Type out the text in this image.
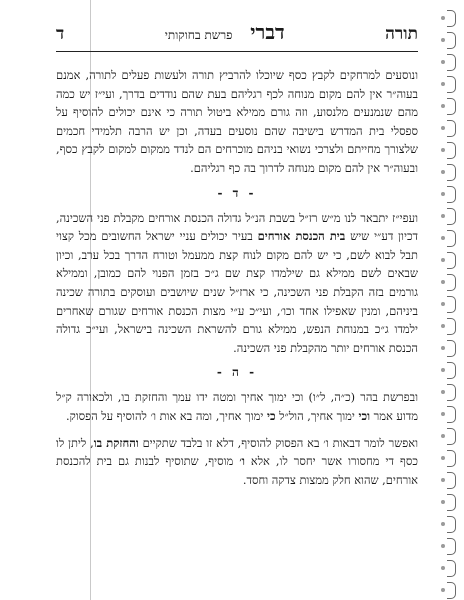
תורה
דברי    פרשת בחוקותי
ד

ונוסעים למרחקים לקבץ כסף שיוכלו להרביץ תורה ולעשות פעלים לתורה, אמנם בעוה״ר אין להם מקום מנוחה לכף רגליהם בעת שהם נודדים בדרך, ועי״ז יש כמה מהם שנמנעים מלנסוע, וזה גורם ממילא ביטול תורה כי אינם יכולים להוסיף על ספסלי בית המדרש בישיבה שהם נוסעים בעדה, וכן יש הרבה תלמידי חכמים שלצורך מחייתם ולצרכי נשואי בניהם מוכרחים הם לנדד ממקום למקום לקבץ כסף, ובעוה״ר אין להם מקום מנוחה לדרוך בה כף רגליהם.

- ד -

ועפי״ז יתבאר לנו מ״ש רז״ל בשבת הנ״ל גדולה הכנסת אורחים מקבלת פני השכינה, דכיון דע״י שיש בית הכנסת אורחים בעיר יכולים עניי ישראל החשובים מכל קצוי תבל לבוא לשם, כי יש להם מקום לנוח קצת ממעמל וטורח הדרך בכל ערב, וכיון שבאים לשם ממילא גם שילמדו קצת שם ג״כ בזמן הפנוי להם כמובן, וממילא גורמים בזה הקבלת פני השכינה, כי ארז״ל שנים שיושבים ועוסקים בתורה שכינה ביניהם, ומנין שאפילו אחד וכו׳, ועי״כ ע״י מצות הכנסת אורחים שגורם שאחרים ילמדו ג״כ במנוחת הנפש, ממילא גורם להשראת השכינה בישראל, ועי״כ גדולה הכנסת אורחים יותר מהקבלת פני השכינה.

- ה -

ובפרשת בהר (כ״ה, ל״ו) וכי ימוך אחיך ומטה ידו עמך והחזקת בו, ולכאורה ק״ל מדוע אמר וכי ימוך אחיך, הול״ל כי ימוך אחיך, ומה בא אות ו׳ להוסיף על הפסוק.

ואפשר לומר דבאות ו׳ בא הפסוק להוסיף, דלא זו בלבד שתקיים והחזקת בו, ליתן לו כסף די מחסורו אשר יחסר לו, אלא ו׳ מוסיף, שתוסיף לבנות גם בית להכנסת אורחים, שהוא חלק ממצות צדקה וחסד.
